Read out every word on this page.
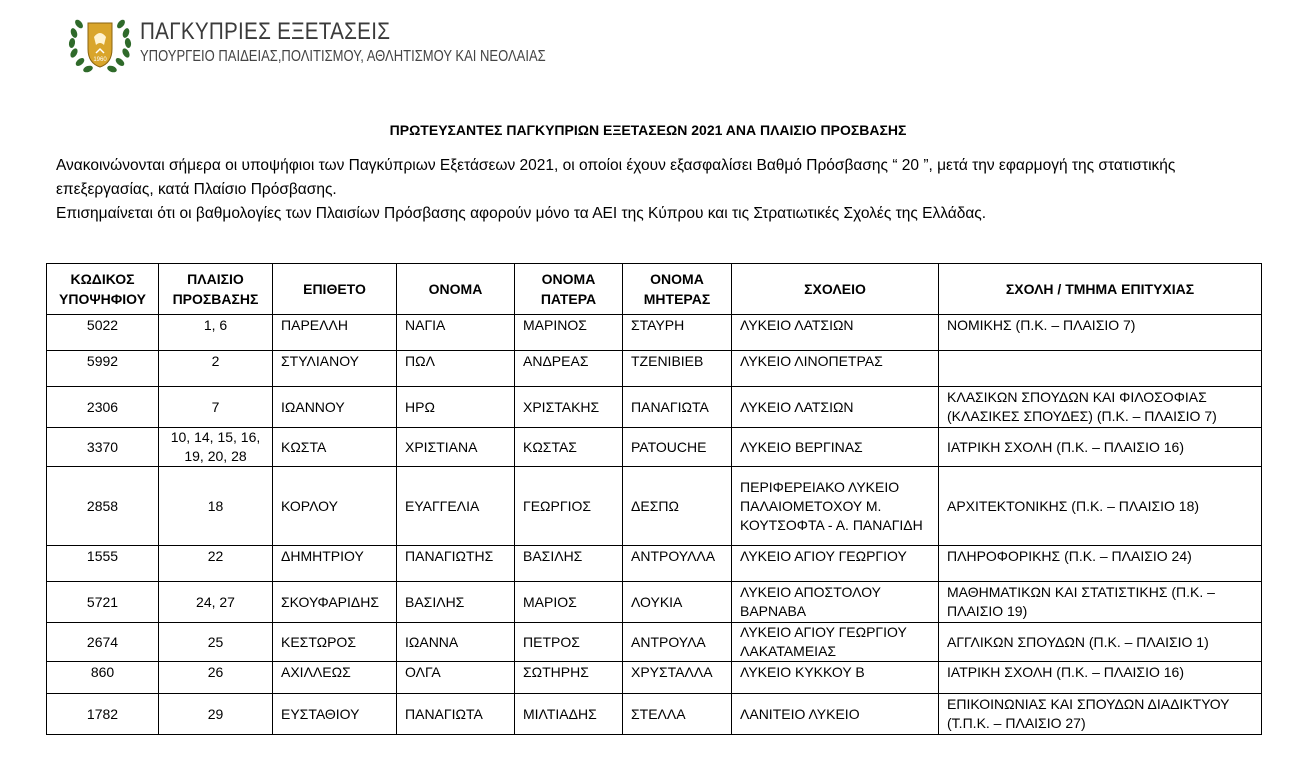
1960
ΠΑΓΚΥΠΡΙΕΣ ΕΞΕΤΑΣΕΙΣ
ΥΠΟΥΡΓΕΙΟ ΠΑΙΔΕΙΑΣ,ΠΟΛΙΤΙΣΜΟΥ, ΑΘΛΗΤΙΣΜΟΥ ΚΑΙ ΝΕΟΛΑΙΑΣ
ΠΡΩΤΕΥΣΑΝΤΕΣ ΠΑΓΚΥΠΡΙΩΝ ΕΞΕΤΑΣΕΩΝ 2021 ΑΝΑ ΠΛΑΙΣΙΟ ΠΡΟΣΒΑΣΗΣ

Ανακοινώνονται σήμερα οι υποψήφιοι των Παγκύπριων Εξετάσεων 2021, οι οποίοι έχουν εξασφαλίσει Βαθμό Πρόσβασης “ 20 ”, μετά την εφαρμογή της στατιστικής επεξεργασίας, κατά Πλαίσιο Πρόσβασης.

Επισημαίνεται ότι οι βαθμολογίες των Πλαισίων Πρόσβασης αφορούν μόνο τα ΑΕΙ της Κύπρου και τις Στρατιωτικές Σχολές της Ελλάδας.

ΚΩΔΙΚΟΣ ΥΠΟΨΗΦΙΟΥ	ΠΛΑΙΣΙΟ ΠΡΟΣΒΑΣΗΣ	ΕΠΙΘΕΤΟ	ΟΝΟΜΑ	ΟΝΟΜΑ ΠΑΤΕΡΑ	ΟΝΟΜΑ ΜΗΤΕΡΑΣ	ΣΧΟΛΕΙΟ	ΣΧΟΛΗ / ΤΜΗΜΑ ΕΠΙΤΥΧΙΑΣ
5022	1, 6	ΠΑΡΕΛΛΗ	ΝΑΓΙΑ	ΜΑΡΙΝΟΣ	ΣΤΑΥΡΗ	ΛΥΚΕΙΟ ΛΑΤΣΙΩΝ	ΝΟΜΙΚΗΣ (Π.Κ. – ΠΛΑΙΣΙΟ 7)
5992	2	ΣΤΥΛΙΑΝΟΥ	ΠΩΛ	ΑΝΔΡΕΑΣ	ΤΖΕΝΙΒΙΕΒ	ΛΥΚΕΙΟ ΛΙΝΟΠΕΤΡΑΣ	
2306	7	ΙΩΑΝΝΟΥ	ΗΡΩ	ΧΡΙΣΤΑΚΗΣ	ΠΑΝΑΓΙΩΤΑ	ΛΥΚΕΙΟ ΛΑΤΣΙΩΝ	ΚΛΑΣΙΚΩΝ ΣΠΟΥΔΩΝ ΚΑΙ ΦΙΛΟΣΟΦΙΑΣ (ΚΛΑΣΙΚΕΣ ΣΠΟΥΔΕΣ) (Π.Κ. – ΠΛΑΙΣΙΟ 7)
3370	10, 14, 15, 16, 19, 20, 28	ΚΩΣΤΑ	ΧΡΙΣΤΙΑΝΑ	ΚΩΣΤΑΣ	PATOUCHE	ΛΥΚΕΙΟ ΒΕΡΓΙΝΑΣ	ΙΑΤΡΙΚΗ ΣΧΟΛΗ (Π.Κ. – ΠΛΑΙΣΙΟ 16)
2858	18	ΚΟΡΛΟΥ	ΕΥΑΓΓΕΛΙΑ	ΓΕΩΡΓΙΟΣ	ΔΕΣΠΩ	ΠΕΡΙΦΕΡΕΙΑΚΟ ΛΥΚΕΙΟ ΠΑΛΑΙΟΜΕΤΟΧΟΥ Μ. ΚΟΥΤΣΟΦΤΑ - Α. ΠΑΝΑΓΙΔΗ	ΑΡΧΙΤΕΚΤΟΝΙΚΗΣ (Π.Κ. – ΠΛΑΙΣΙΟ 18)
1555	22	ΔΗΜΗΤΡΙΟΥ	ΠΑΝΑΓΙΩΤΗΣ	ΒΑΣΙΛΗΣ	ΑΝΤΡΟΥΛΛΑ	ΛΥΚΕΙΟ ΑΓΙΟΥ ΓΕΩΡΓΙΟΥ	ΠΛΗΡΟΦΟΡΙΚΗΣ (Π.Κ. – ΠΛΑΙΣΙΟ 24)
5721	24, 27	ΣΚΟΥΦΑΡΙΔΗΣ	ΒΑΣΙΛΗΣ	ΜΑΡΙΟΣ	ΛΟΥΚΙΑ	ΛΥΚΕΙΟ ΑΠΟΣΤΟΛΟΥ ΒΑΡΝΑΒΑ	ΜΑΘΗΜΑΤΙΚΩΝ ΚΑΙ ΣΤΑΤΙΣΤΙΚΗΣ (Π.Κ. – ΠΛΑΙΣΙΟ 19)
2674	25	ΚΕΣΤΩΡΟΣ	ΙΩΑΝΝΑ	ΠΕΤΡΟΣ	ΑΝΤΡΟΥΛΑ	ΛΥΚΕΙΟ ΑΓΙΟΥ ΓΕΩΡΓΙΟΥ ΛΑΚΑΤΑΜΕΙΑΣ	ΑΓΓΛΙΚΩΝ ΣΠΟΥΔΩΝ (Π.Κ. – ΠΛΑΙΣΙΟ 1)
860	26	ΑΧΙΛΛΕΩΣ	ΟΛΓΑ	ΣΩΤΗΡΗΣ	ΧΡΥΣΤΑΛΛΑ	ΛΥΚΕΙΟ ΚΥΚΚΟΥ Β	ΙΑΤΡΙΚΗ ΣΧΟΛΗ (Π.Κ. – ΠΛΑΙΣΙΟ 16)
1782	29	ΕΥΣΤΑΘΙΟΥ	ΠΑΝΑΓΙΩΤΑ	ΜΙΛΤΙΑΔΗΣ	ΣΤΕΛΛΑ	ΛΑΝΙΤΕΙΟ ΛΥΚΕΙΟ	ΕΠΙΚΟΙΝΩΝΙΑΣ ΚΑΙ ΣΠΟΥΔΩΝ ΔΙΑΔΙΚΤΥΟΥ (Τ.Π.Κ. – ΠΛΑΙΣΙΟ 27)
